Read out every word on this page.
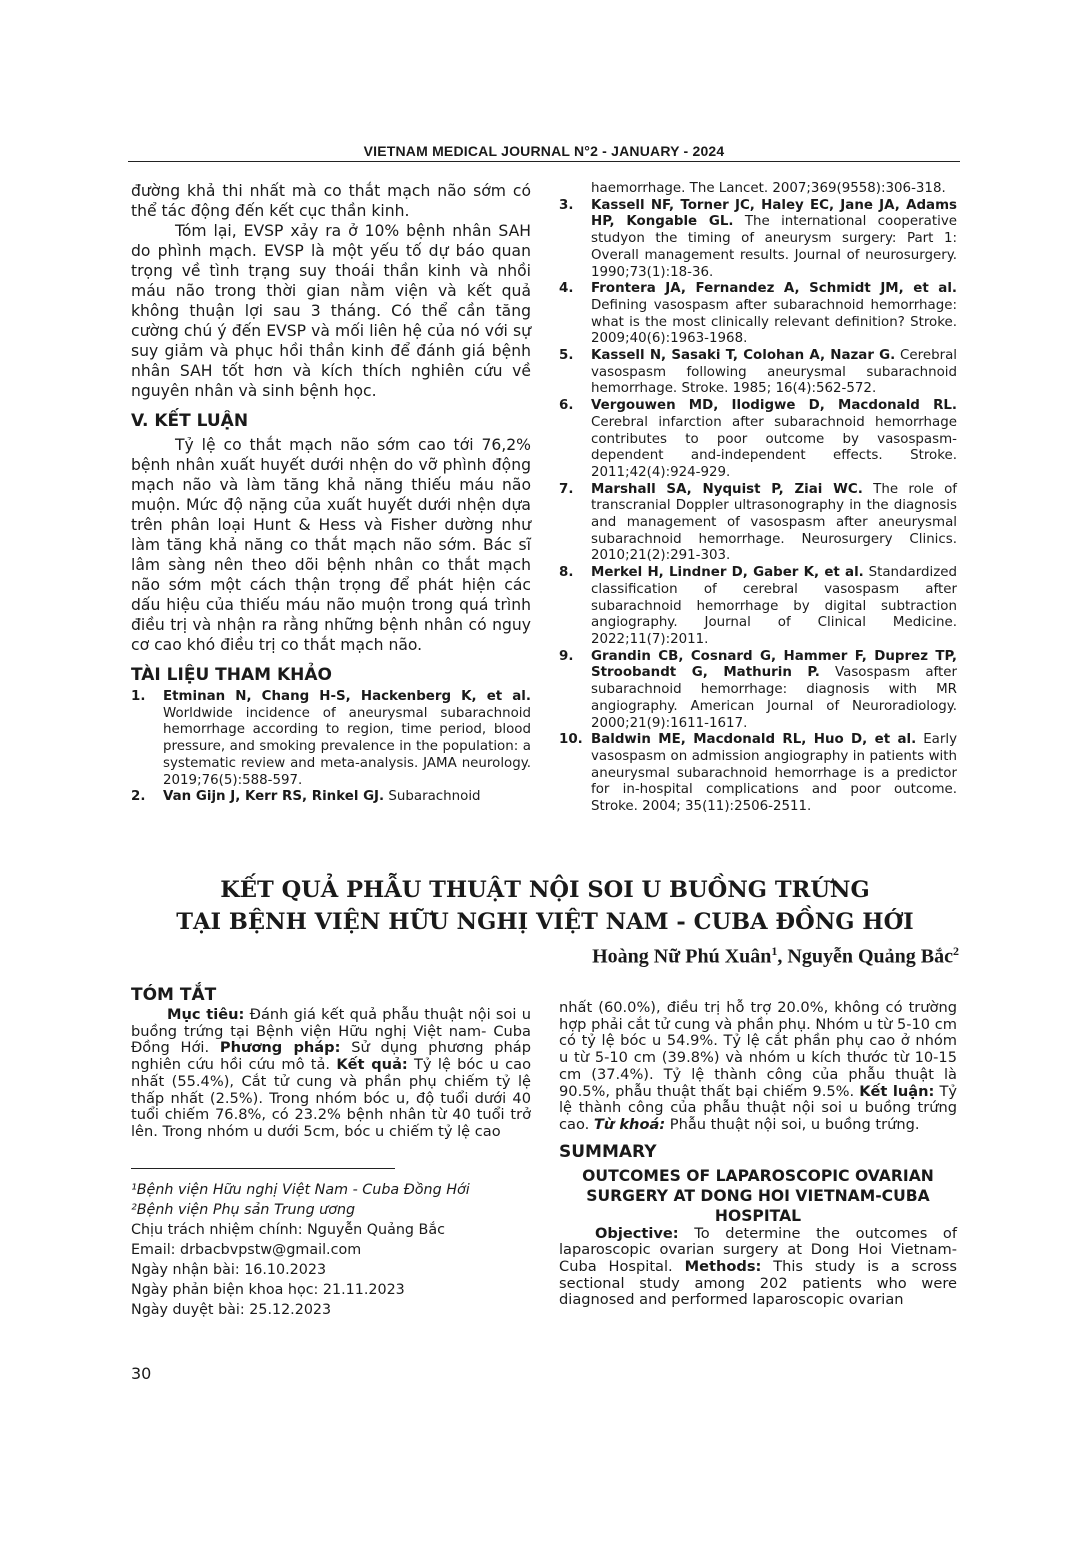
VIETNAM MEDICAL JOURNAL N°2 - JANUARY - 2024

đường khả thi nhất mà co thắt mạch não sớm có thể tác động đến kết cục thần kinh.

Tóm lại, EVSP xảy ra ở 10% bệnh nhân SAH do phình mạch. EVSP là một yếu tố dự báo quan trọng về tình trạng suy thoái thần kinh và nhồi máu não trong thời gian nằm viện và kết quả không thuận lợi sau 3 tháng. Có thể cần tăng cường chú ý đến EVSP và mối liên hệ của nó với sự suy giảm và phục hồi thần kinh để đánh giá bệnh nhân SAH tốt hơn và kích thích nghiên cứu về nguyên nhân và sinh bệnh học.

V. KẾT LUẬN

Tỷ lệ co thắt mạch não sớm cao tới 76,2% bệnh nhân xuất huyết dưới nhện do vỡ phình động mạch não và làm tăng khả năng thiếu máu não muộn. Mức độ nặng của xuất huyết dưới nhện dựa trên phân loại Hunt & Hess và Fisher dường như làm tăng khả năng co thắt mạch não sớm. Bác sĩ lâm sàng nên theo dõi bệnh nhân co thắt mạch não sớm một cách thận trọng để phát hiện các dấu hiệu của thiếu máu não muộn trong quá trình điều trị và nhận ra rằng những bệnh nhân có nguy cơ cao khó điều trị co thắt mạch não.

TÀI LIỆU THAM KHẢO
1. Etminan N, Chang H-S, Hackenberg K, et al. Worldwide incidence of aneurysmal subarachnoid hemorrhage according to region, time period, blood pressure, and smoking prevalence in the population: a systematic review and meta-analysis. JAMA neurology. 2019;76(5):588-597.
2. Van Gijn J, Kerr RS, Rinkel GJ. Subarachnoid
haemorrhage. The Lancet. 2007;369(9558):306-318.
3. Kassell NF, Torner JC, Haley EC, Jane JA, Adams HP, Kongable GL. The international cooperative studyon the timing of aneurysm surgery: Part 1: Overall management results. Journal of neurosurgery. 1990;73(1):18-36.
4. Frontera JA, Fernandez A, Schmidt JM, et al. Defining vasospasm after subarachnoid hemorrhage: what is the most clinically relevant definition? Stroke. 2009;40(6):1963-1968.
5. Kassell N, Sasaki T, Colohan A, Nazar G. Cerebral vasospasm following aneurysmal subarachnoid hemorrhage. Stroke. 1985; 16(4):562-572.
6. Vergouwen MD, Ilodigwe D, Macdonald RL. Cerebral infarction after subarachnoid hemorrhage contributes to poor outcome by vasospasm-dependent and-independent effects. Stroke. 2011;42(4):924-929.
7. Marshall SA, Nyquist P, Ziai WC. The role of transcranial Doppler ultrasonography in the diagnosis and management of vasospasm after aneurysmal subarachnoid hemorrhage. Neurosurgery Clinics. 2010;21(2):291-303.
8. Merkel H, Lindner D, Gaber K, et al. Standardized classification of cerebral vasospasm after subarachnoid hemorrhage by digital subtraction angiography. Journal of Clinical Medicine. 2022;11(7):2011.
9. Grandin CB, Cosnard G, Hammer F, Duprez TP, Stroobandt G, Mathurin P. Vasospasm after subarachnoid hemorrhage: diagnosis with MR angiography. American Journal of Neuroradiology. 2000;21(9):1611-1617.
10. Baldwin ME, Macdonald RL, Huo D, et al. Early vasospasm on admission angiography in patients with aneurysmal subarachnoid hemorrhage is a predictor for in-hospital complications and poor outcome. Stroke. 2004; 35(11):2506-2511.
KẾT QUẢ PHẪU THUẬT NỘI SOI U BUỒNG TRỨNG
TẠI BỆNH VIỆN HỮU NGHỊ VIỆT NAM - CUBA ĐỒNG HỚI
Hoàng Nữ Phú Xuân$^1$, Nguyễn Quảng Bắc$^2$
TÓM TẮT

Mục tiêu: Đánh giá kết quả phẫu thuật nội soi u buồng trứng tại Bệnh viện Hữu nghị Việt nam- Cuba Đồng Hới. Phương pháp: Sử dụng phương pháp nghiên cứu hồi cứu mô tả. Kết quả: Tỷ lệ bóc u cao nhất (55.4%), Cắt tử cung và phần phụ chiếm tỷ lệ thấp nhất (2.5%). Trong nhóm bóc u, độ tuổi dưới 40 tuổi chiếm 76.8%, có 23.2% bệnh nhân từ 40 tuổi trở lên. Trong nhóm u dưới 5cm, bóc u chiếm tỷ lệ cao

¹Bệnh viện Hữu nghị Việt Nam - Cuba Đồng Hới
²Bệnh viện Phụ sản Trung ương
Chịu trách nhiệm chính: Nguyễn Quảng Bắc
Email: drbacbvpstw@gmail.com
Ngày nhận bài: 16.10.2023
Ngày phản biện khoa học: 21.11.2023
Ngày duyệt bài: 25.12.2023

nhất (60.0%), điều trị hỗ trợ 20.0%, không có trường hợp phải cắt tử cung và phần phụ. Nhóm u từ 5-10 cm có tỷ lệ bóc u 54.9%. Tỷ lệ cắt phần phụ cao ở nhóm u từ 5-10 cm (39.8%) và nhóm u kích thước từ 10-15 cm (37.4%). Tỷ lệ thành công của phẫu thuật là 90.5%, phẫu thuật thất bại chiếm 9.5%. Kết luận: Tỷ lệ thành công của phẫu thuật nội soi u buồng trứng cao. Từ khoá: Phẫu thuật nội soi, u buồng trứng.

SUMMARY

OUTCOMES OF LAPAROSCOPIC OVARIAN SURGERY AT DONG HOI VIETNAM-CUBA HOSPITAL

Objective: To determine the outcomes of laparoscopic ovarian surgery at Dong Hoi Vietnam-Cuba Hospital. Methods: This study is a scross sectional study among 202 patients who were diagnosed and performed laparoscopic ovarian

30
